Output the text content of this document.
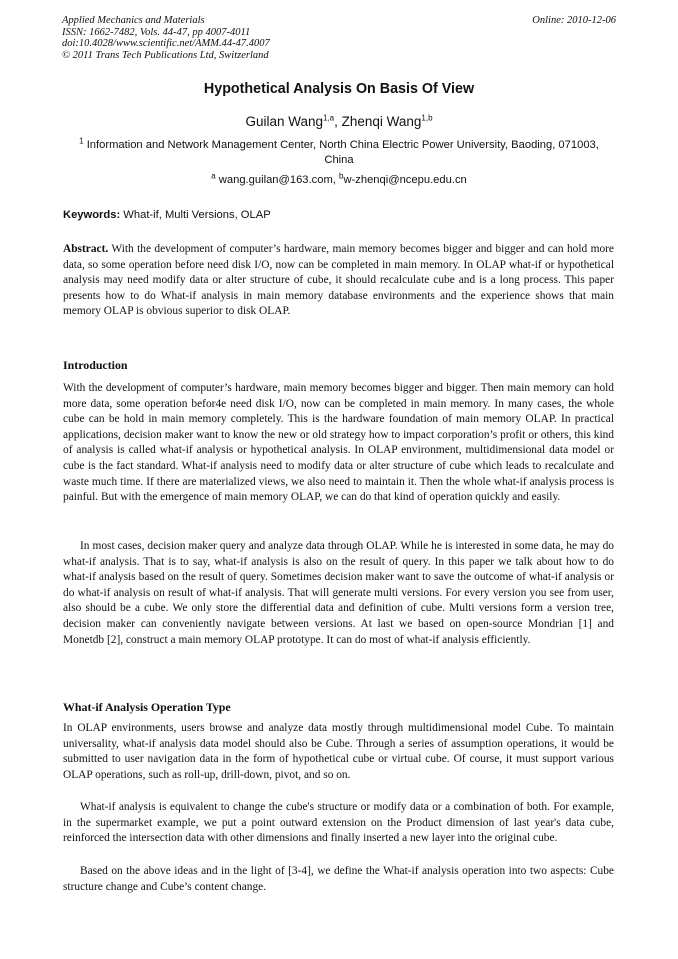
Applied Mechanics and Materials
ISSN: 1662-7482, Vols. 44-47, pp 4007-4011
doi:10.4028/www.scientific.net/AMM.44-47.4007
© 2011 Trans Tech Publications Ltd, Switzerland
Online: 2010-12-06
Hypothetical Analysis On Basis Of View
Guilan Wang$^{1,a}$, Zhenqi Wang$^{1,b}$
$^1$ Information and Network Management Center, North China Electric Power University, Baoding, 071003, China
$^a$ wang.guilan@163.com, $^b$w-zhenqi@ncepu.edu.cn
Keywords: What-if, Multi Versions, OLAP
Abstract. With the development of computer’s hardware, main memory becomes bigger and bigger and can hold more data, so some operation before need disk I/O, now can be completed in main memory. In OLAP what-if or hypothetical analysis may need modify data or alter structure of cube, it should recalculate cube and is a long process. This paper presents how to do What-if analysis in main memory database environments and the experience shows that main memory OLAP is obvious superior to disk OLAP.
Introduction
With the development of computer’s hardware, main memory becomes bigger and bigger. Then main memory can hold more data, some operation befor4e need disk I/O, now can be completed in main memory. In many cases, the whole cube can be hold in main memory completely. This is the hardware foundation of main memory OLAP. In practical applications, decision maker want to know the new or old strategy how to impact corporation’s profit or others, this kind of analysis is called what-if analysis or hypothetical analysis. In OLAP environment, multidimensional data model or cube is the fact standard. What-if analysis need to modify data or alter structure of cube which leads to recalculate and waste much time. If there are materialized views, we also need to maintain it. Then the whole what-if analysis process is painful. But with the emergence of main memory OLAP, we can do that kind of operation quickly and easily.
In most cases, decision maker query and analyze data through OLAP. While he is interested in some data, he may do what-if analysis. That is to say, what-if analysis is also on the result of query. In this paper we talk about how to do what-if analysis based on the result of query. Sometimes decision maker want to save the outcome of what-if analysis or do what-if analysis on result of what-if analysis. That will generate multi versions. For every version you see from user, also should be a cube. We only store the differential data and definition of cube. Multi versions form a version tree, decision maker can conveniently navigate between versions. At last we based on open-source Mondrian [1] and Monetdb [2], construct a main memory OLAP prototype. It can do most of what-if analysis efficiently.
What-if Analysis Operation Type
In OLAP environments, users browse and analyze data mostly through multidimensional model Cube. To maintain universality, what-if analysis data model should also be Cube. Through a series of assumption operations, it would be submitted to user navigation data in the form of hypothetical cube or virtual cube. Of course, it must support various OLAP operations, such as roll-up, drill-down, pivot, and so on.
What-if analysis is equivalent to change the cube's structure or modify data or a combination of both. For example, in the supermarket example, we put a point outward extension on the Product dimension of last year's data cube, reinforced the intersection data with other dimensions and finally inserted a new layer into the original cube.
Based on the above ideas and in the light of [3-4], we define the What-if analysis operation into two aspects: Cube structure change and Cube’s content change.
